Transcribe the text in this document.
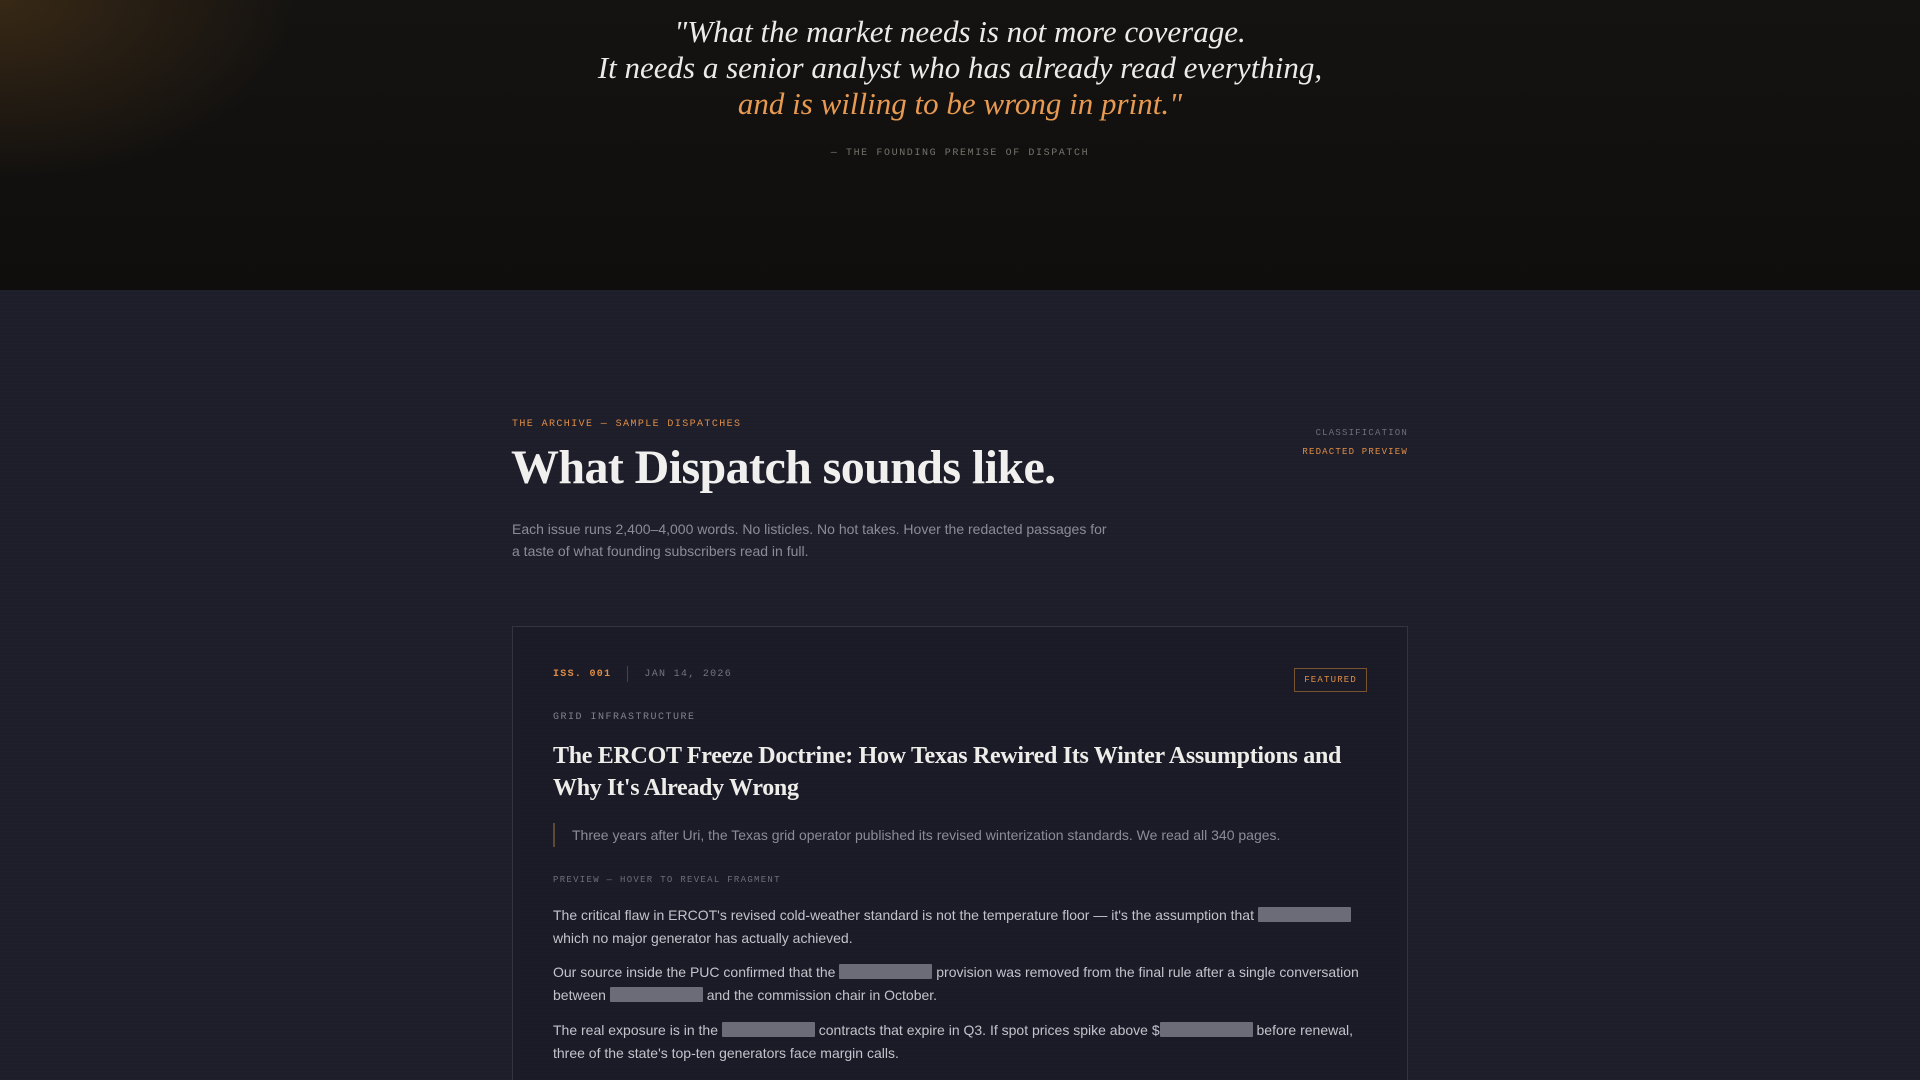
"What the market needs is not more coverage.
It needs a senior analyst who has already read everything,
and is willing to be wrong in print."
— THE FOUNDING PREMISE OF DISPATCH
THE ARCHIVE — SAMPLE DISPATCHES
What Dispatch sounds like.

Each issue runs 2,400–4,000 words. No listicles. No hot takes. Hover the redacted passages for a taste of what founding subscribers read in full.

CLASSIFICATION
REDACTED PREVIEW
ISS. 001	JAN 14, 2026
FEATURED
GRID INFRASTRUCTURE
The ERCOT Freeze Doctrine: How Texas Rewired Its Winter Assumptions and Why It's Already Wrong
Three years after Uri, the Texas grid operator published its revised winterization standards. We read all 340 pages.
PREVIEW — HOVER TO REVEAL FRAGMENT

The critical flaw in ERCOT's revised cold-weather standard is not the temperature floor — it's the assumption that  which no major generator has actually achieved.

Our source inside the PUC confirmed that the	provision was removed from the final rule after a single conversation between	and the commission chair in October.

The real exposure is in the	contracts that expire in Q3. If spot prices spike above $	before renewal, three of the state's top-ten generators face margin calls.
